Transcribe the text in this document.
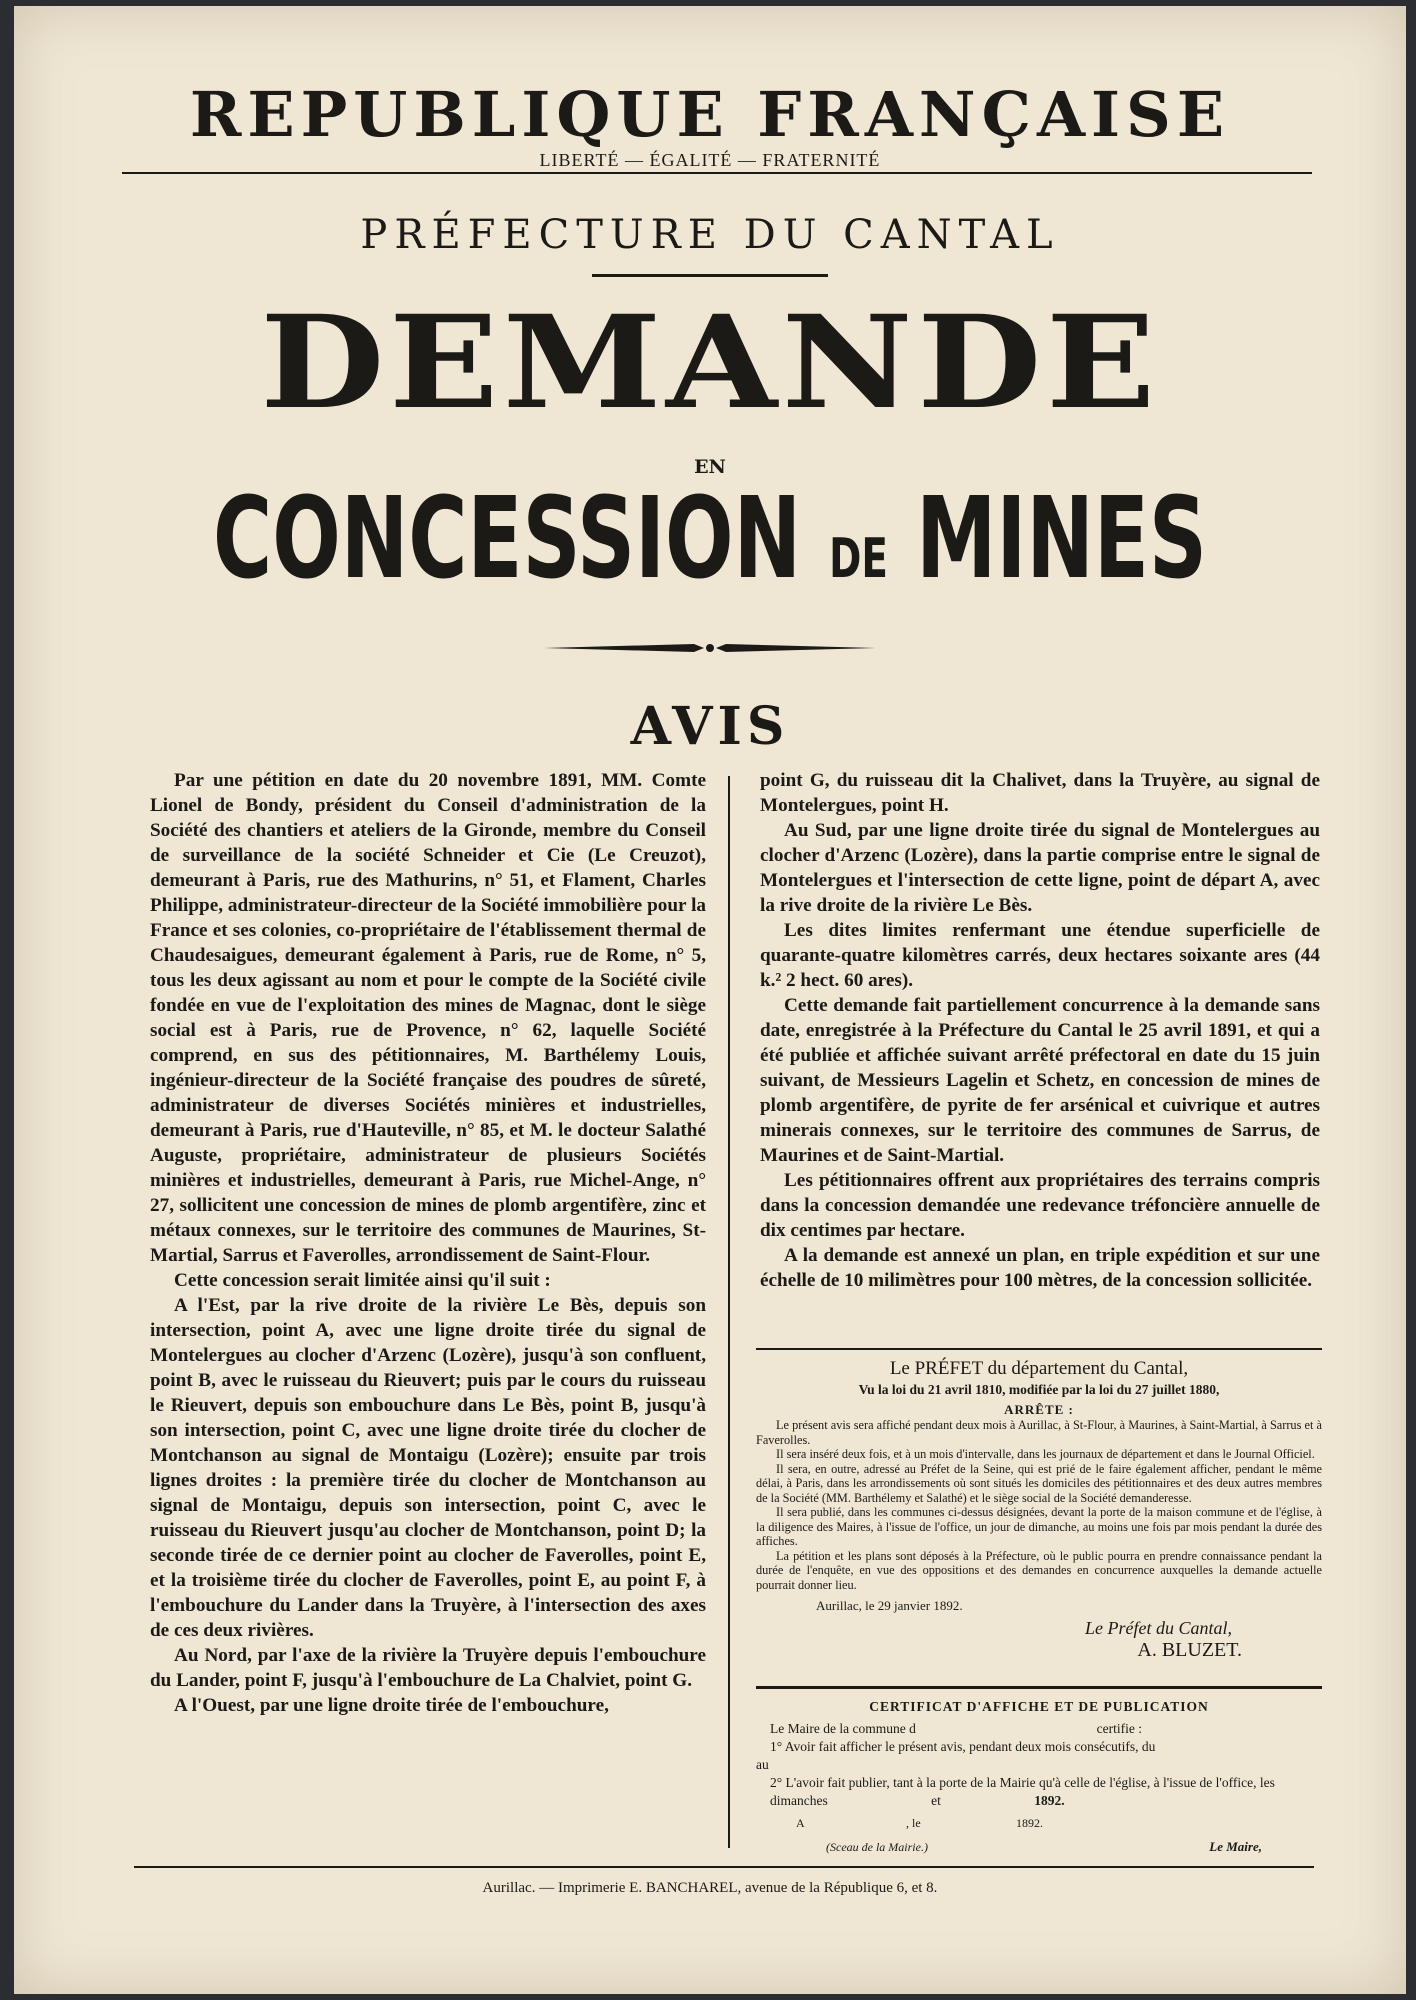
REPUBLIQUE FRANÇAISE
LIBERTÉ — ÉGALITÉ — FRATERNITÉ
PRÉFECTURE DU CANTAL
DEMANDE
EN
CONCESSION DE MINES
AVIS

Par une pétition en date du 20 novembre 1891, MM. Comte Lionel de Bondy, président du Conseil d'administration de la Société des chantiers et ateliers de la Gironde, membre du Conseil de surveillance de la société Schneider et Cie (Le Creuzot), demeurant à Paris, rue des Mathurins, n° 51, et Flament, Charles Philippe, administrateur-directeur de la Société immobilière pour la France et ses colonies, co-propriétaire de l'établissement thermal de Chaudesaigues, demeurant également à Paris, rue de Rome, n° 5, tous les deux agissant au nom et pour le compte de la Société civile fondée en vue de l'exploitation des mines de Magnac, dont le siège social est à Paris, rue de Provence, n° 62, laquelle Société comprend, en sus des pétitionnaires, M. Barthélemy Louis, ingénieur-directeur de la Société française des poudres de sûreté, administrateur de diverses Sociétés minières et industrielles, demeurant à Paris, rue d'Hauteville, n° 85, et M. le docteur Salathé Auguste, propriétaire, administrateur de plusieurs Sociétés minières et industrielles, demeurant à Paris, rue Michel-Ange, n° 27, sollicitent une concession de mines de plomb argentifère, zinc et métaux connexes, sur le territoire des communes de Maurines, St-Martial, Sarrus et Faverolles, arrondissement de Saint-Flour.

Cette concession serait limitée ainsi qu'il suit :

A l'Est, par la rive droite de la rivière Le Bès, depuis son intersection, point A, avec une ligne droite tirée du signal de Montelergues au clocher d'Arzenc (Lozère), jusqu'à son confluent, point B, avec le ruisseau du Rieuvert; puis par le cours du ruisseau le Rieuvert, depuis son embouchure dans Le Bès, point B, jusqu'à son intersection, point C, avec une ligne droite tirée du clocher de Montchanson au signal de Montaigu (Lozère); ensuite par trois lignes droites : la première tirée du clocher de Montchanson au signal de Montaigu, depuis son intersection, point C, avec le ruisseau du Rieuvert jusqu'au clocher de Montchanson, point D; la seconde tirée de ce dernier point au clocher de Faverolles, point E, et la troisième tirée du clocher de Faverolles, point E, au point F, à l'embouchure du Lander dans la Truyère, à l'intersection des axes de ces deux rivières.

Au Nord, par l'axe de la rivière la Truyère depuis l'embouchure du Lander, point F, jusqu'à l'embouchure de La Chalviet, point G.

A l'Ouest, par une ligne droite tirée de l'embouchure,

point G, du ruisseau dit la Chalivet, dans la Truyère, au signal de Montelergues, point H.

Au Sud, par une ligne droite tirée du signal de Montelergues au clocher d'Arzenc (Lozère), dans la partie comprise entre le signal de Montelergues et l'intersection de cette ligne, point de départ A, avec la rive droite de la rivière Le Bès.

Les dites limites renfermant une étendue superficielle de quarante-quatre kilomètres carrés, deux hectares soixante ares (44 k.² 2 hect. 60 ares).

Cette demande fait partiellement concurrence à la demande sans date, enregistrée à la Préfecture du Cantal le 25 avril 1891, et qui a été publiée et affichée suivant arrêté préfectoral en date du 15 juin suivant, de Messieurs Lagelin et Schetz, en concession de mines de plomb argentifère, de pyrite de fer arsénical et cuivrique et autres minerais connexes, sur le territoire des communes de Sarrus, de Maurines et de Saint-Martial.

Les pétitionnaires offrent aux propriétaires des terrains compris dans la concession demandée une redevance tréfoncière annuelle de dix centimes par hectare.

A la demande est annexé un plan, en triple expédition et sur une échelle de 10 milimètres pour 100 mètres, de la concession sollicitée.

Le PRÉFET du département du Cantal,
Vu la loi du 21 avril 1810, modifiée par la loi du 27 juillet 1880,
ARRÊTE :

Le présent avis sera affiché pendant deux mois à Aurillac, à St-Flour, à Maurines, à Saint-Martial, à Sarrus et à Faverolles.

Il sera inséré deux fois, et à un mois d'intervalle, dans les journaux de département et dans le Journal Officiel.

Il sera, en outre, adressé au Préfet de la Seine, qui est prié de le faire également afficher, pendant le même délai, à Paris, dans les arrondissements où sont situés les domiciles des pétitionnaires et des deux autres membres de la Société (MM. Barthélemy et Salathé) et le siège social de la Société demanderesse.

Il sera publié, dans les communes ci-dessus désignées, devant la porte de la maison commune et de l'église, à la diligence des Maires, à l'issue de l'office, un jour de dimanche, au moins une fois par mois pendant la durée des affiches.

La pétition et les plans sont déposés à la Préfecture, où le public pourra en prendre connaissance pendant la durée de l'enquête, en vue des oppositions et des demandes en concurrence auxquelles la demande actuelle pourrait donner lieu.

Aurillac, le 29 janvier 1892.
Le Préfet du Cantal,
A. BLUZET.
CERTIFICAT D'AFFICHE ET DE PUBLICATION
Le Maire de la commune d	certifie :
1° Avoir fait afficher le présent avis, pendant deux mois consécutifs, du
au
2° L'avoir fait publier, tant à la porte de la Mairie qu'à celle de l'église, à l'issue de l'office, les dimanches	et	1892.
A	, le	1892.
(Sceau de la Mairie.)	Le Maire,
Aurillac. — Imprimerie E. BANCHAREL, avenue de la République 6, et 8.
